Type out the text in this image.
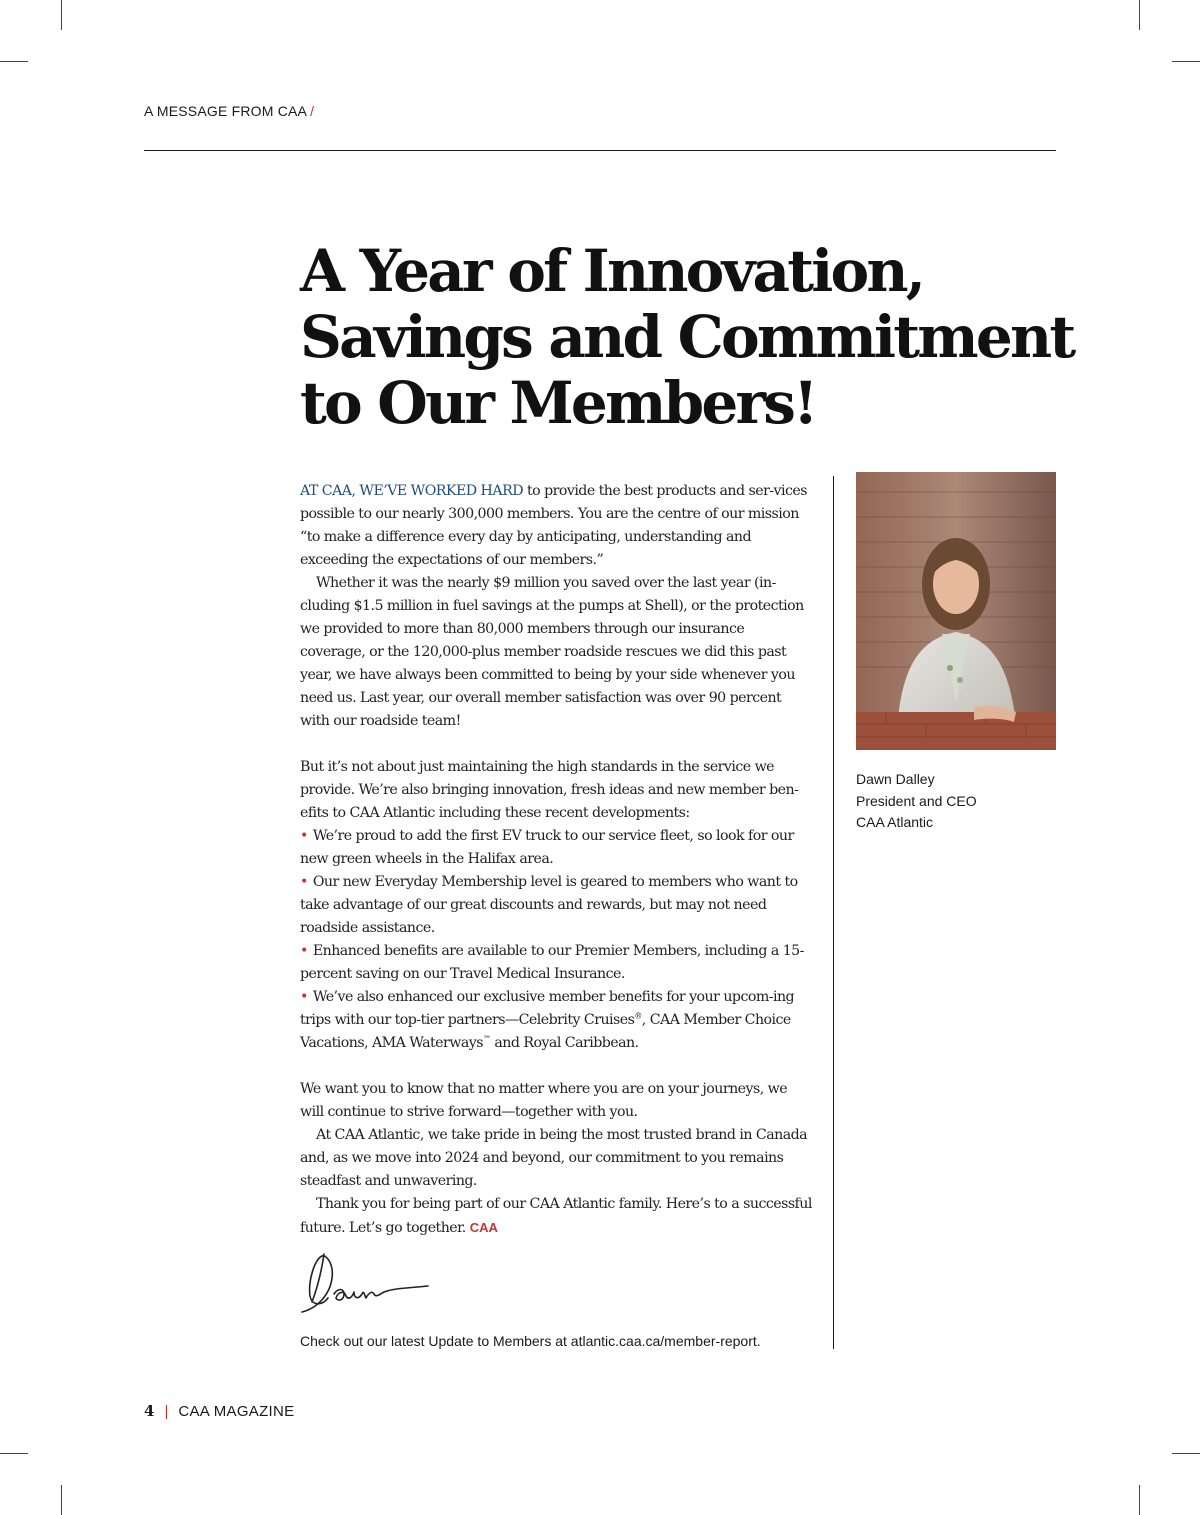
A MESSAGE FROM CAA /
A Year of Innovation,
Savings and Commitment
to Our Members!

AT CAA, WE’VE WORKED HARD to provide the best products and ser-vices possible to our nearly 300,000 members. You are the centre of our mission “to make a difference every day by anticipating, understanding and exceeding the expectations of our members.”

Whether it was the nearly $9 million you saved over the last year (in-cluding $1.5 million in fuel savings at the pumps at Shell), or the protection we provided to more than 80,000 members through our insurance coverage, or the 120,000-plus member roadside rescues we did this past year, we have always been committed to being by your side whenever you need us. Last year, our overall member satisfaction was over 90 percent with our roadside team!

But it’s not about just maintaining the high standards in the service we provide. We’re also bringing innovation, fresh ideas and new member ben-efits to CAA Atlantic including these recent developments:

• We’re proud to add the first EV truck to our service fleet, so look for our new green wheels in the Halifax area.

• Our new Everyday Membership level is geared to members who want to take advantage of our great discounts and rewards, but may not need roadside assistance.

• Enhanced benefits are available to our Premier Members, including a 15-percent saving on our Travel Medical Insurance.

• We’ve also enhanced our exclusive member benefits for your upcom-ing trips with our top-tier partners—Celebrity Cruises®, CAA Member Choice Vacations, AMA Waterways™ and Royal Caribbean.

We want you to know that no matter where you are on your journeys, we will continue to strive forward—together with you.

At CAA Atlantic, we take pride in being the most trusted brand in Canada and, as we move into 2024 and beyond, our commitment to you remains steadfast and unwavering.

Thank you for being part of our CAA Atlantic family. Here’s to a successful future. Let’s go together. CAA

Check out our latest Update to Members at atlantic.caa.ca/member-report.
Dawn Dalley
President and CEO
CAA Atlantic
4 | CAA MAGAZINE
